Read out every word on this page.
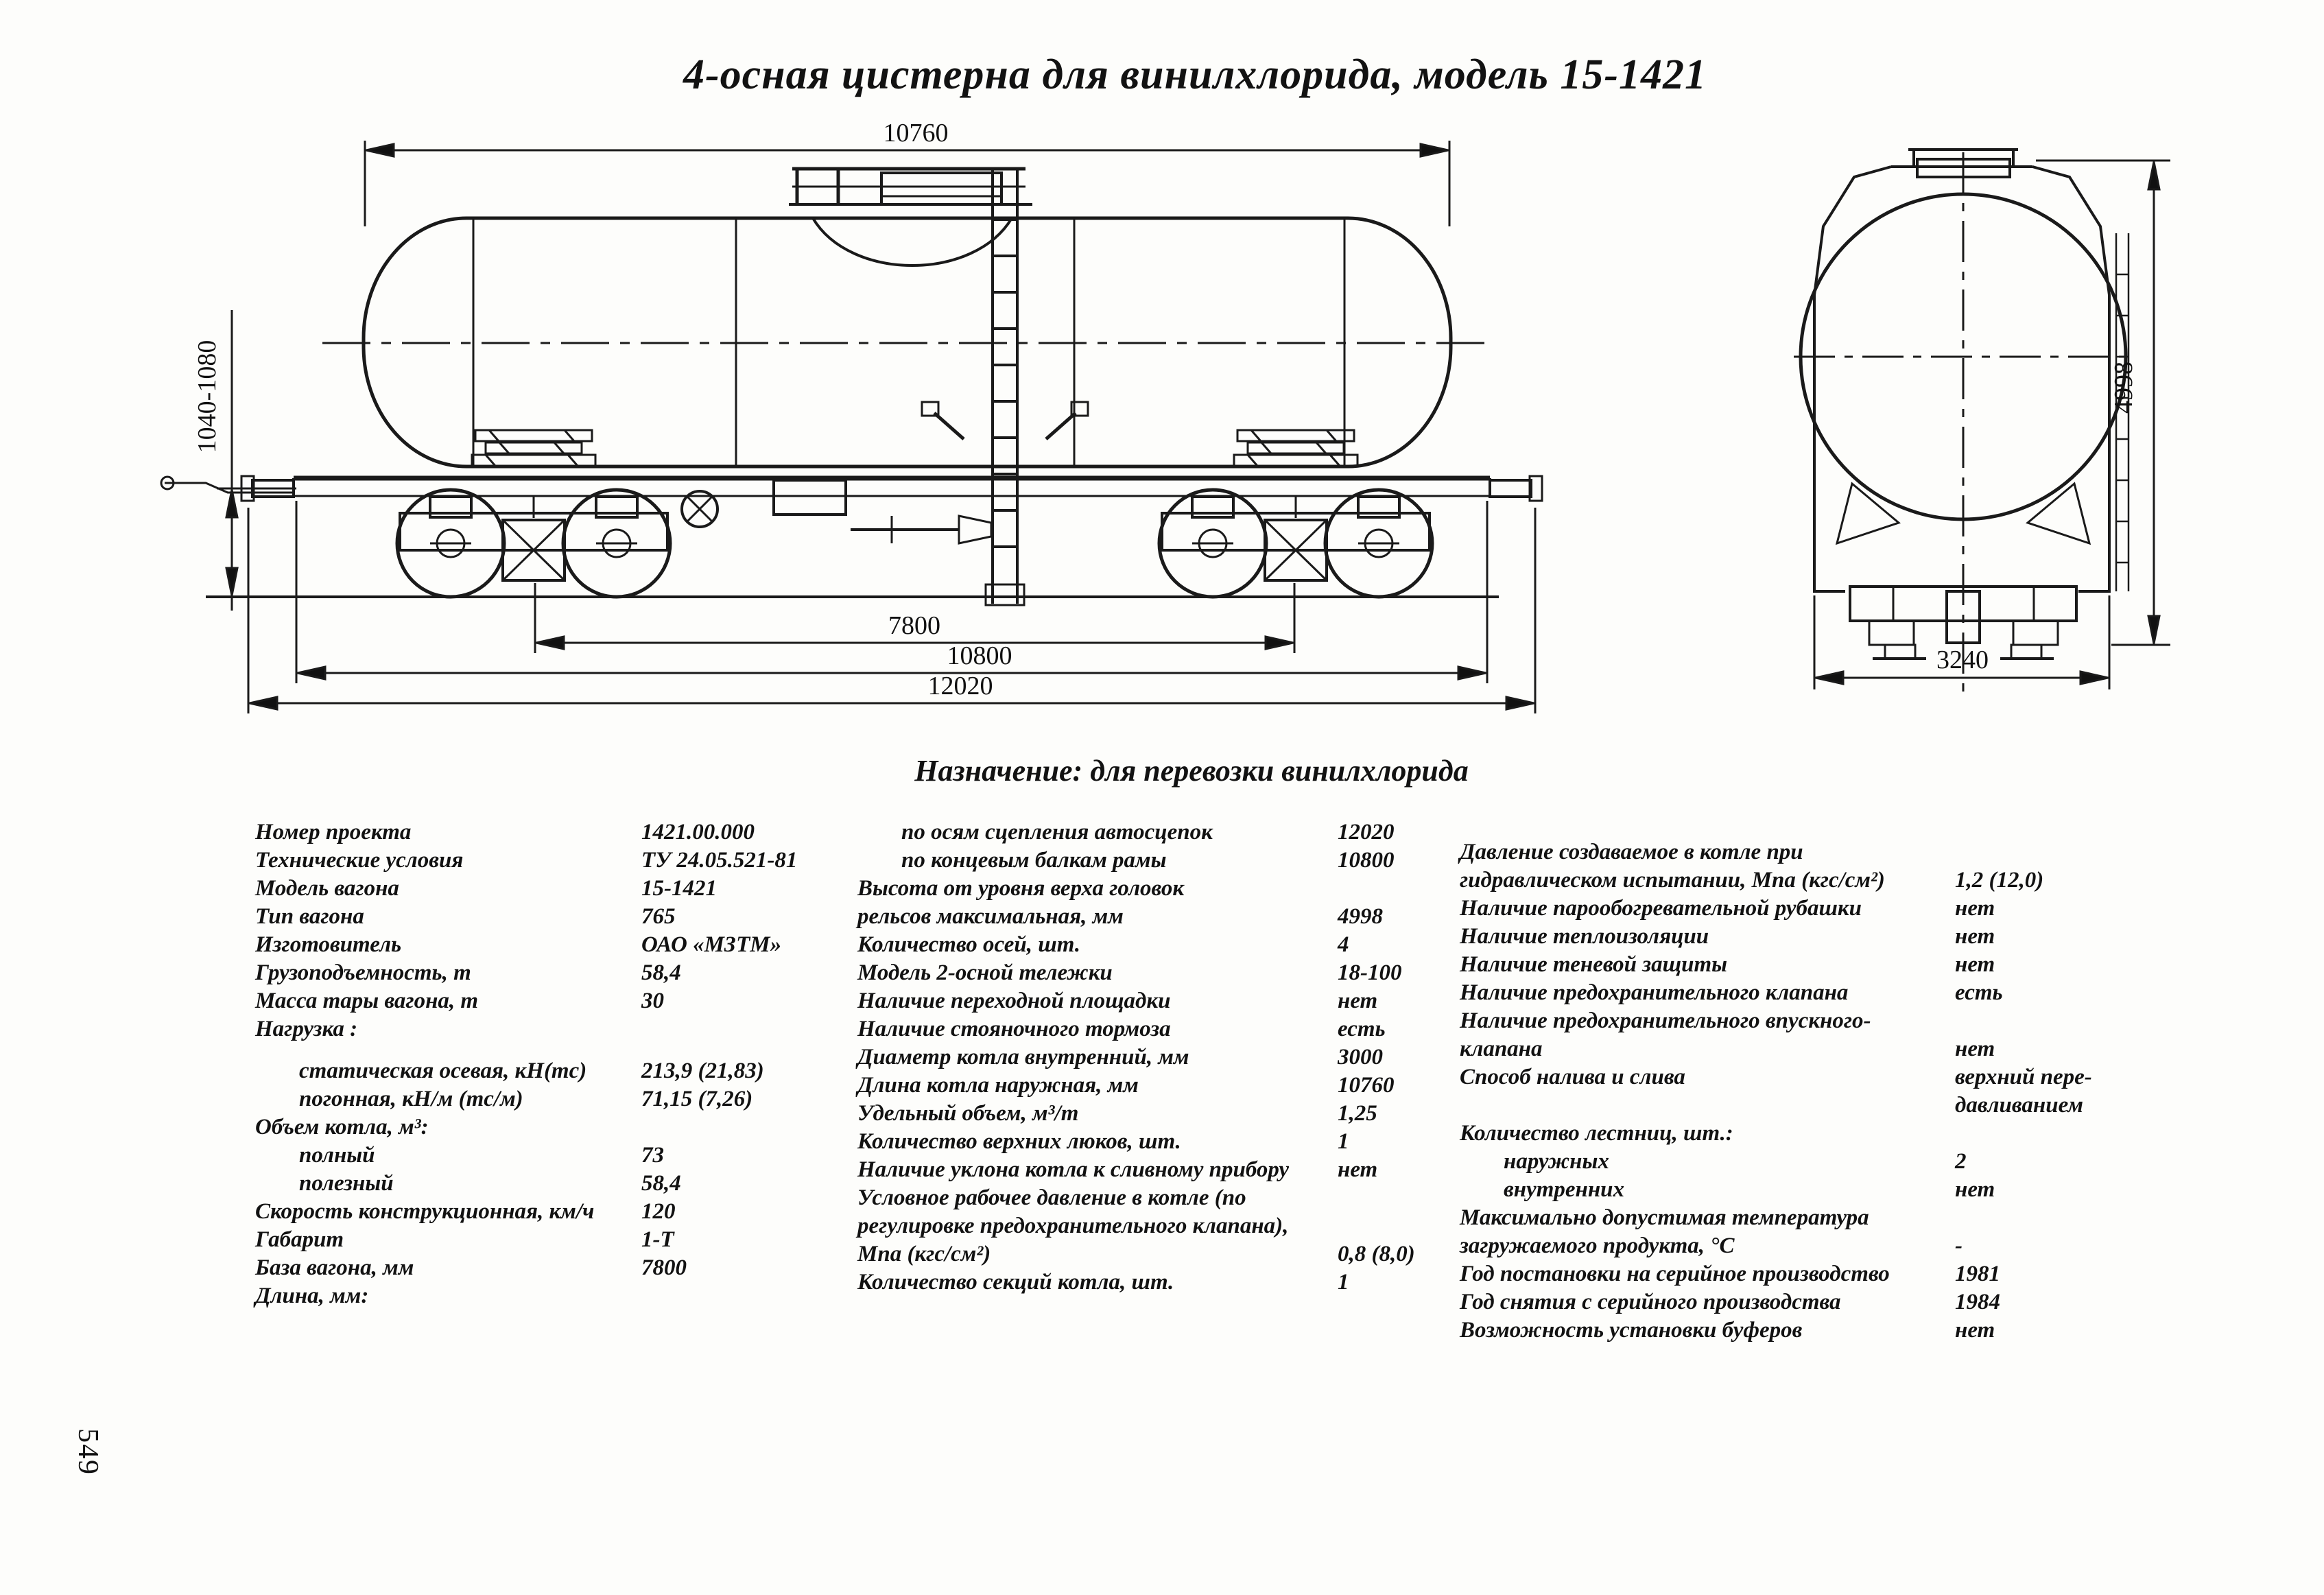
4-осная цистерна для винилхлорида, модель 15-1421
10760
1040-1080
7800
10800
12020
4998
3240
Назначение: для перевозки винилхлорида
Номер проекта	1421.00.000
Технические условия	ТУ 24.05.521-81
Модель вагона	15-1421
Тип вагона	765
Изготовитель	ОАО «МЗТМ»
Грузоподъемность, т	58,4
Масса тары вагона, т	30
Нагрузка :
статическая осевая, кН(тс) 213,9 (21,83)
погонная, кН/м (тс/м)	71,15 (7,26)
Объем котла, м³:
полный	73
полезный	58,4
Скорость конструкционная, км/ч 120
Габарит	1-Т
База вагона, мм	7800
Длина, мм:
по осям сцепления автосцепок	12020
по концевым балкам рамы	10800
Высота от уровня верха головок
рельсов максимальная, мм	4998
Количество осей, шт.	4
Модель 2-осной тележки	18-100
Наличие переходной площадки	нет
Наличие стояночного тормоза	есть
Диаметр котла внутренний, мм	3000
Длина котла наружная, мм	10760
Удельный объем, м³/т	1,25
Количество верхних люков, шт.	1
Наличие уклона котла к сливному прибору нет
Условное рабочее давление в котле (по
регулировке предохранительного клапана),
Мпа (кгс/см²)	0,8 (8,0)
Количество секций котла, шт.	1
Давление создаваемое в котле при
гидравлическом испытании, Мпа (кгс/см²)	1,2 (12,0)
Наличие парообогревательной рубашки	нет
Наличие теплоизоляции	нет
Наличие теневой защиты	нет
Наличие предохранительного клапана	есть
Наличие предохранительного впускного-
клапана	нет
Способ налива и слива	верхний пере-
давливанием
Количество лестниц, шт.:
наружных	2
внутренних	нет
Максимально допустимая температура
загружаемого продукта, °С	-
Год постановки на серийное производство	1981
Год снятия с серийного производства	1984
Возможность установки буферов	нет
549
